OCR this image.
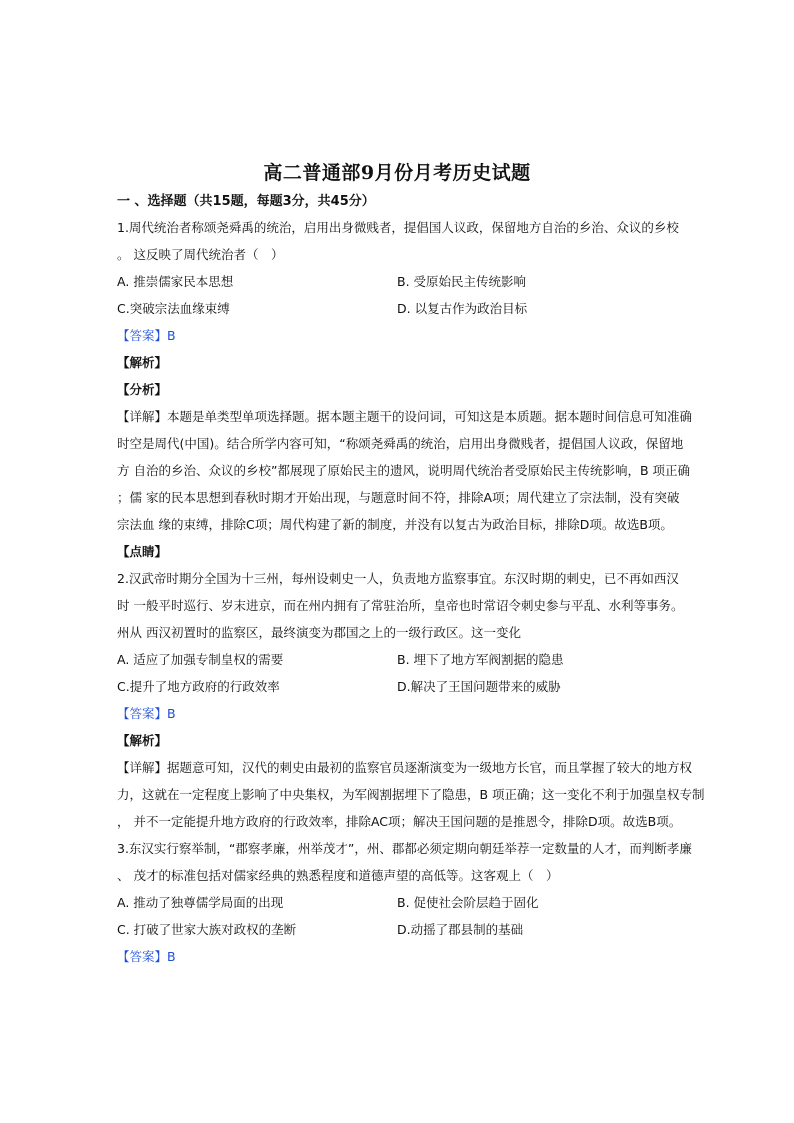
高二普通部9月份月考历史试题
一 、选择题（共15题，每题3分，共45分）
1.周代统治者称颂尧舜禹的统治，启用出身微贱者，提倡国人议政，保留地方自治的乡治、众议的乡校
。 这反映了周代统治者（　）
A. 推崇儒家民本思想	B. 受原始民主传统影响
C.突破宗法血缘束缚	D. 以复古作为政治目标
【答案】B
【解析】
【分析】
【详解】本题是单类型单项选择题。据本题主题干的设问词，可知这是本质题。据本题时间信息可知准确
时空是周代(中国)。结合所学内容可知，“称颂尧舜禹的统治，启用出身微贱者，提倡国人议政，保留地
方 自治的乡治、众议的乡校”都展现了原始民主的遗风，说明周代统治者受原始民主传统影响，B 项正确
；儒 家的民本思想到春秋时期才开始出现，与题意时间不符，排除A项；周代建立了宗法制，没有突破
宗法血 缘的束缚，排除C项；周代构建了新的制度，并没有以复古为政治目标，排除D项。故选B项。
【点睛】
2.汉武帝时期分全国为十三州，每州设刺史一人，负责地方监察事宜。东汉时期的刺史，已不再如西汉
时 一般平时巡行、岁末进京，而在州内拥有了常驻治所，皇帝也时常诏令刺史参与平乱、水利等事务。
州从 西汉初置时的监察区，最终演变为郡国之上的一级行政区。这一变化
A. 适应了加强专制皇权的需要	B. 埋下了地方军阀割据的隐患
C.提升了地方政府的行政效率	D.解决了王国问题带来的威胁
【答案】B
【解析】
【详解】据题意可知，汉代的刺史由最初的监察官员逐渐演变为一级地方长官，而且掌握了较大的地方权
力，这就在一定程度上影响了中央集权，为军阀割据埋下了隐患，B 项正确；这一变化不利于加强皇权专制
， 并不一定能提升地方政府的行政效率，排除AC项；解决王国问题的是推恩令，排除D项。故选B项。
3.东汉实行察举制，“郡察孝廉，州举茂才”，州、郡都必须定期向朝廷举荐一定数量的人才，而判断孝廉
、 茂才的标准包括对儒家经典的熟悉程度和道德声望的高低等。这客观上（　）
A. 推动了独尊儒学局面的出现	B. 促使社会阶层趋于固化
C. 打破了世家大族对政权的垄断	D.动摇了郡县制的基础
【答案】B
